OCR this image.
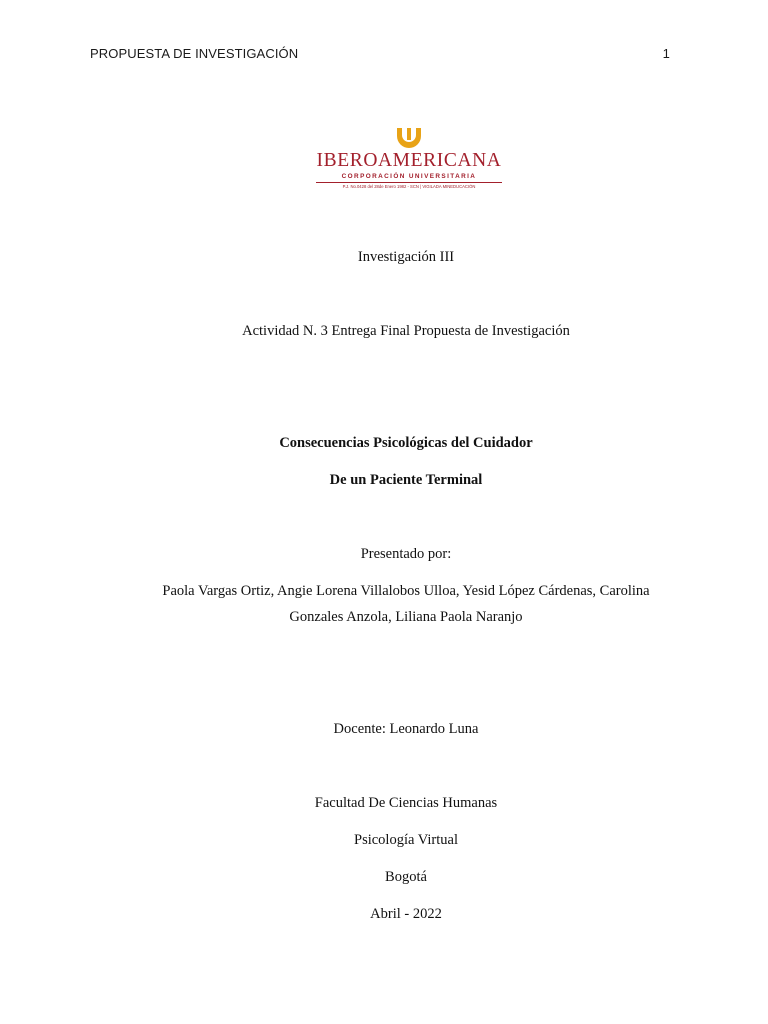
PROPUESTA DE INVESTIGACIÓN	1
IBEROAMERICANA
CORPORACIÓN UNIVERSITARIA
P.J. No.0428 del 28de Enero 1982 - SCN | VIGILADA MINEDUCACIÓN
Investigación III
Actividad N. 3 Entrega Final Propuesta de Investigación
Consecuencias Psicológicas del Cuidador
De un Paciente Terminal
Presentado por:
Paola Vargas Ortiz, Angie Lorena Villalobos Ulloa, Yesid López Cárdenas, Carolina
Gonzales Anzola, Liliana Paola Naranjo
Docente: Leonardo Luna
Facultad De Ciencias Humanas
Psicología Virtual
Bogotá
Abril - 2022
